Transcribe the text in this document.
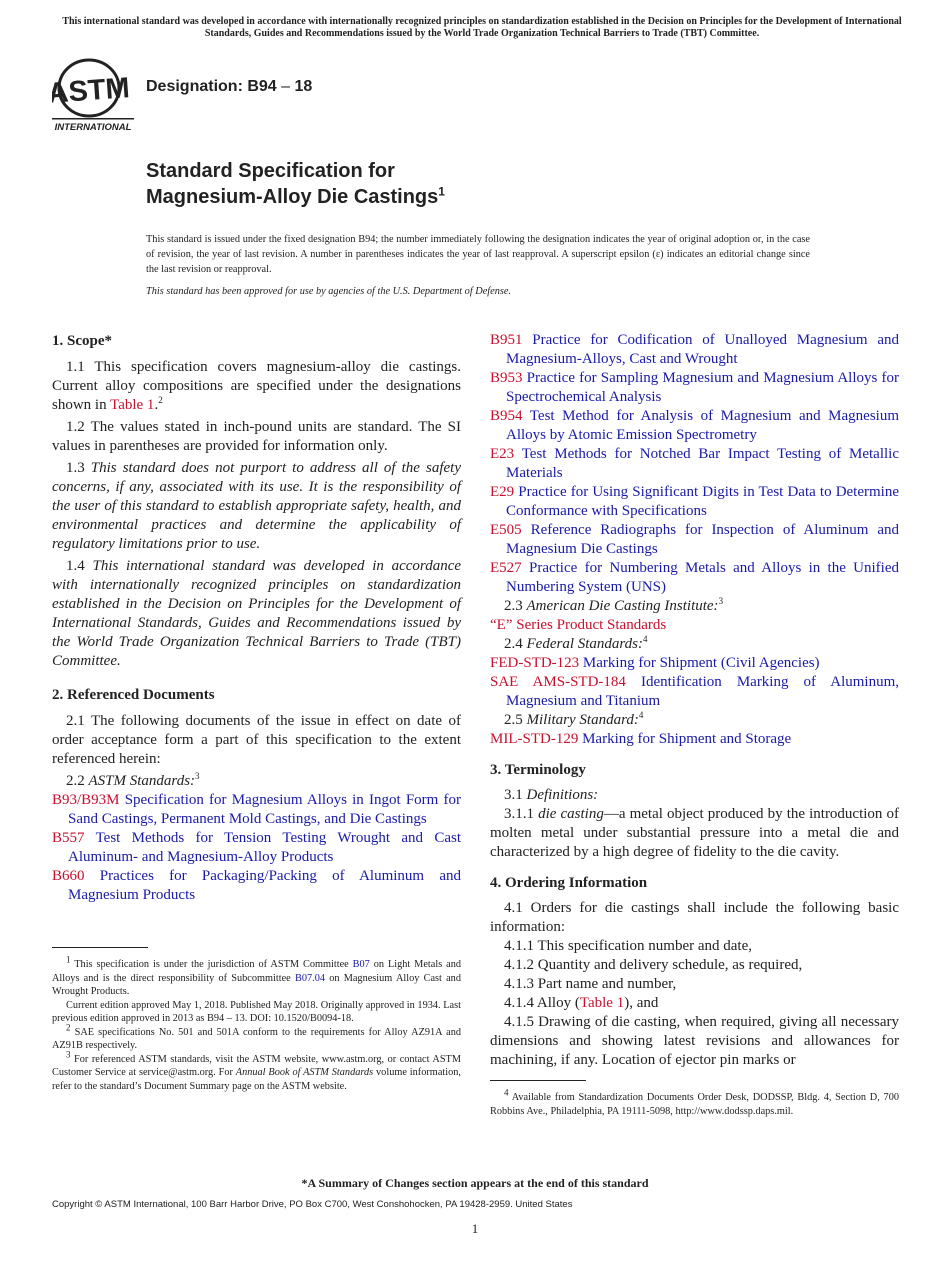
This international standard was developed in accordance with internationally recognized principles on standardization established in the Decision on Principles for the Development of International Standards, Guides and Recommendations issued by the World Trade Organization Technical Barriers to Trade (TBT) Committee.
ASTM
INTERNATIONAL
Designation: B94 – 18
Standard Specification for
Magnesium-Alloy Die Castings$^1$
This standard is issued under the fixed designation B94; the number immediately following the designation indicates the year of original adoption or, in the case of revision, the year of last revision. A number in parentheses indicates the year of last reapproval. A superscript epsilon (ε) indicates an editorial change since the last revision or reapproval.
This standard has been approved for use by agencies of the U.S. Department of Defense.

1. Scope*

1.1 This specification covers magnesium-alloy die castings. Current alloy compositions are specified under the designations shown in Table 1.$^2$

1.2 The values stated in inch-pound units are standard. The SI values in parentheses are provided for information only.

1.3 This standard does not purport to address all of the safety concerns, if any, associated with its use. It is the responsibility of the user of this standard to establish appropriate safety, health, and environmental practices and determine the applicability of regulatory limitations prior to use.

1.4 This international standard was developed in accordance with internationally recognized principles on standardization established in the Decision on Principles for the Development of International Standards, Guides and Recommendations issued by the World Trade Organization Technical Barriers to Trade (TBT) Committee.

2. Referenced Documents

2.1 The following documents of the issue in effect on date of order acceptance form a part of this specification to the extent referenced herein:

2.2 ASTM Standards:$^3$

B93/B93M Specification for Magnesium Alloys in Ingot Form for Sand Castings, Permanent Mold Castings, and Die Castings
B557 Test Methods for Tension Testing Wrought and Cast Aluminum- and Magnesium-Alloy Products
B660 Practices for Packaging/Packing of Aluminum and Magnesium Products

$^1$ This specification is under the jurisdiction of ASTM Committee B07 on Light Metals and Alloys and is the direct responsibility of Subcommittee B07.04 on Magnesium Alloy Cast and Wrought Products.

Current edition approved May 1, 2018. Published May 2018. Originally approved in 1934. Last previous edition approved in 2013 as B94 – 13. DOI: 10.1520/B0094-18.

$^2$ SAE specifications No. 501 and 501A conform to the requirements for Alloy AZ91A and AZ91B respectively.

$^3$ For referenced ASTM standards, visit the ASTM website, www.astm.org, or contact ASTM Customer Service at service@astm.org. For Annual Book of ASTM Standards volume information, refer to the standard’s Document Summary page on the ASTM website.

B951 Practice for Codification of Unalloyed Magnesium and Magnesium-Alloys, Cast and Wrought
B953 Practice for Sampling Magnesium and Magnesium Alloys for Spectrochemical Analysis
B954 Test Method for Analysis of Magnesium and Magnesium Alloys by Atomic Emission Spectrometry
E23 Test Methods for Notched Bar Impact Testing of Metallic Materials
E29 Practice for Using Significant Digits in Test Data to Determine Conformance with Specifications
E505 Reference Radiographs for Inspection of Aluminum and Magnesium Die Castings
E527 Practice for Numbering Metals and Alloys in the Unified Numbering System (UNS)

2.3 American Die Casting Institute:$^3$

“E” Series Product Standards

2.4 Federal Standards:$^4$

FED-STD-123 Marking for Shipment (Civil Agencies)
SAE AMS-STD-184 Identification Marking of Aluminum, Magnesium and Titanium

2.5 Military Standard:$^4$

MIL-STD-129 Marking for Shipment and Storage

3. Terminology

3.1 Definitions:

3.1.1 die casting—a metal object produced by the introduction of molten metal under substantial pressure into a metal die and characterized by a high degree of fidelity to the die cavity.

4. Ordering Information

4.1 Orders for die castings shall include the following basic information:

4.1.1 This specification number and date,

4.1.2 Quantity and delivery schedule, as required,

4.1.3 Part name and number,

4.1.4 Alloy (Table 1), and

4.1.5 Drawing of die casting, when required, giving all necessary dimensions and showing latest revisions and allowances for machining, if any. Location of ejector pin marks or

$^4$ Available from Standardization Documents Order Desk, DODSSP, Bldg. 4, Section D, 700 Robbins Ave., Philadelphia, PA 19111-5098, http://www.dodssp.daps.mil.

*A Summary of Changes section appears at the end of this standard
Copyright © ASTM International, 100 Barr Harbor Drive, PO Box C700, West Conshohocken, PA 19428-2959. United States
1
